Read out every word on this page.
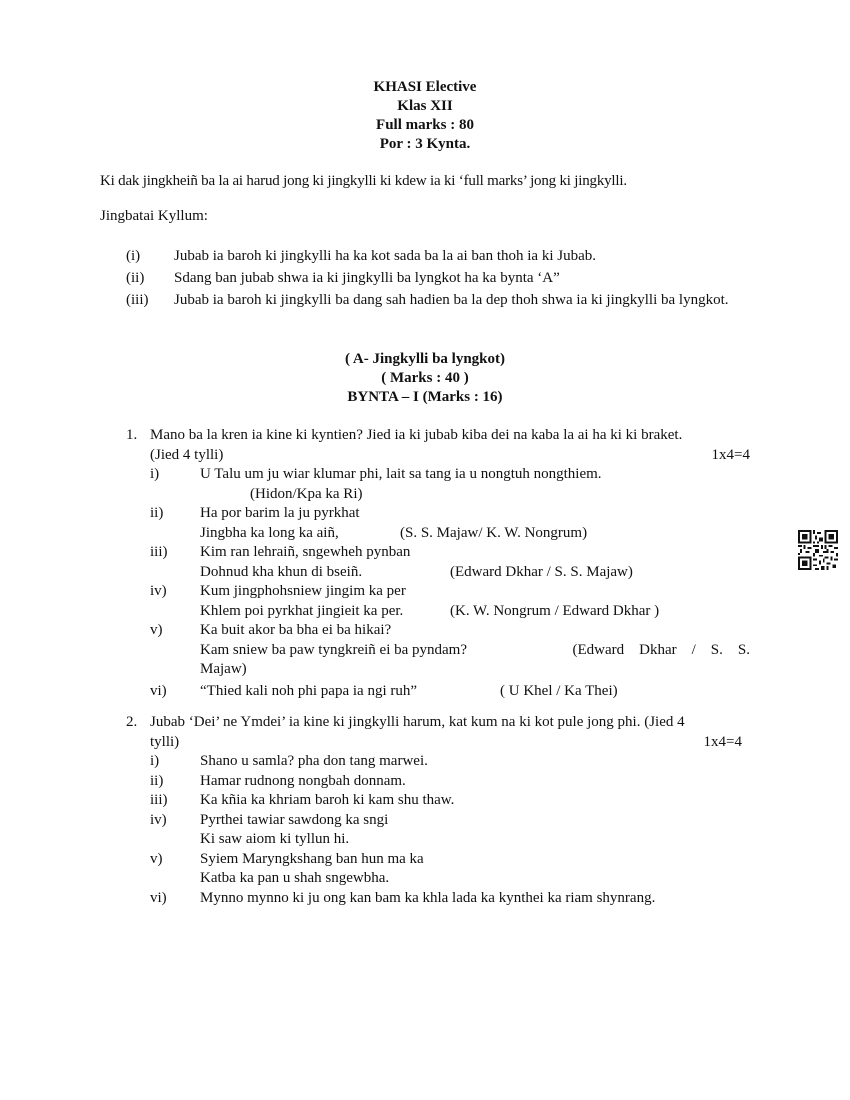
KHASI Elective
Klas XII
Full marks : 80
Por : 3 Kynta.
Ki dak jingkheiñ ba la ai harud jong ki jingkylli ki kdew ia ki ‘full marks’ jong ki jingkylli.
Jingbatai Kyllum:
(i)	Jubab ia baroh ki jingkylli ha ka kot sada ba la ai ban thoh ia ki Jubab.
(ii)	Sdang ban jubab shwa ia ki jingkylli ba lyngkot ha ka bynta ‘A”
(iii)	Jubab ia baroh ki jingkylli ba dang sah hadien ba la dep thoh shwa ia ki jingkylli ba lyngkot.
( A- Jingkylli ba lyngkot)
( Marks : 40 )
BYNTA – I (Marks : 16)
1. Mano ba la kren ia kine ki kyntien? Jied ia ki jubab kiba dei na kaba la ai ha ki ki braket.
(Jied 4 tylli)	1x4=4
i)	U Talu um ju wiar klumar phi, lait sa tang ia u nongtuh nongthiem.
(Hidon/Kpa ka Ri)
ii)	Ha por barim la ju pyrkhat
Jingbha ka long ka aiñ,	(S. S. Majaw/ K. W. Nongrum)
iii)	Kim ran lehraiñ, sngewheh pynban
Dohnud kha khun di bseiñ.	(Edward Dkhar / S. S. Majaw)
iv)	Kum jingphohsniew jingim ka per
Khlem poi pyrkhat jingieit ka per.	(K. W. Nongrum / Edward Dkhar )
v)	Ka buit akor ba bha ei ba hikai?
Kam sniew ba paw tyngkreiñ ei ba pyndam?	(Edward    Dkhar    /    S.    S.
Majaw)
vi)	“Thied kali noh phi papa ia ngi ruh”	( U Khel / Ka Thei)
2. Jubab ‘Dei’ ne Ymdei’ ia kine ki jingkylli harum, kat kum na ki kot pule jong phi. (Jied 4
tylli)	1x4=4
i)	Shano u samla? pha don tang marwei.
ii)	Hamar rudnong nongbah donnam.
iii)	Ka kñia ka khriam baroh ki kam shu thaw.
iv)	Pyrthei tawiar sawdong ka sngi
Ki saw aiom ki tyllun hi.
v)	Syiem Maryngkshang ban hun ma ka
Katba ka pan u shah sngewbha.
vi)	Mynno mynno ki ju ong kan bam ka khla lada ka kynthei ka riam shynrang.
